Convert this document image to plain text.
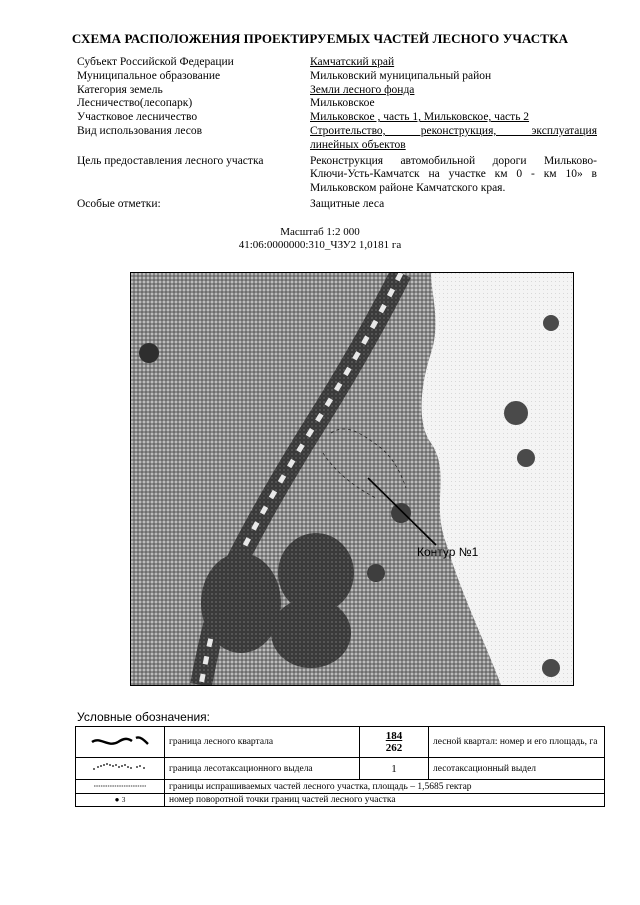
СХЕМА РАСПОЛОЖЕНИЯ ПРОЕКТИРУЕМЫХ ЧАСТЕЙ ЛЕСНОГО УЧАСТКА
Субъект Российской Федерации	Камчатский край
Муниципальное образование	Мильковский муниципальный район
Категория земель	Земли лесного фонда
Лесничество(лесопарк)	Мильковское
Участковое лесничество	Мильковское , часть 1, Мильковское, часть 2
Вид использования лесов	Строительство, реконструкция, эксплуатация
линейных объектов
Цель предоставления лесного участка	Реконструкция автомобильной дороги Мильково-
Ключи-Усть-Камчатск на участке км 0 - км 10» в
Мильковском районе Камчатского края.
Особые отметки:	Защитные леса
Масштаб 1:2 000
41:06:0000000:310_ЧЗУ2 1,0181 га
Контур №1
Условные обозначения:
	граница лесного квартала	$\frac{184}{262}$	лесной квартал: номер и его площадь, га
	граница лесотаксационного выдела	1	лесотаксационный выдел
	границы испрашиваемых частей лесного участка, площадь – 1,5685 гектар		
● 3	номер поворотной точки границ частей лесного участка		
